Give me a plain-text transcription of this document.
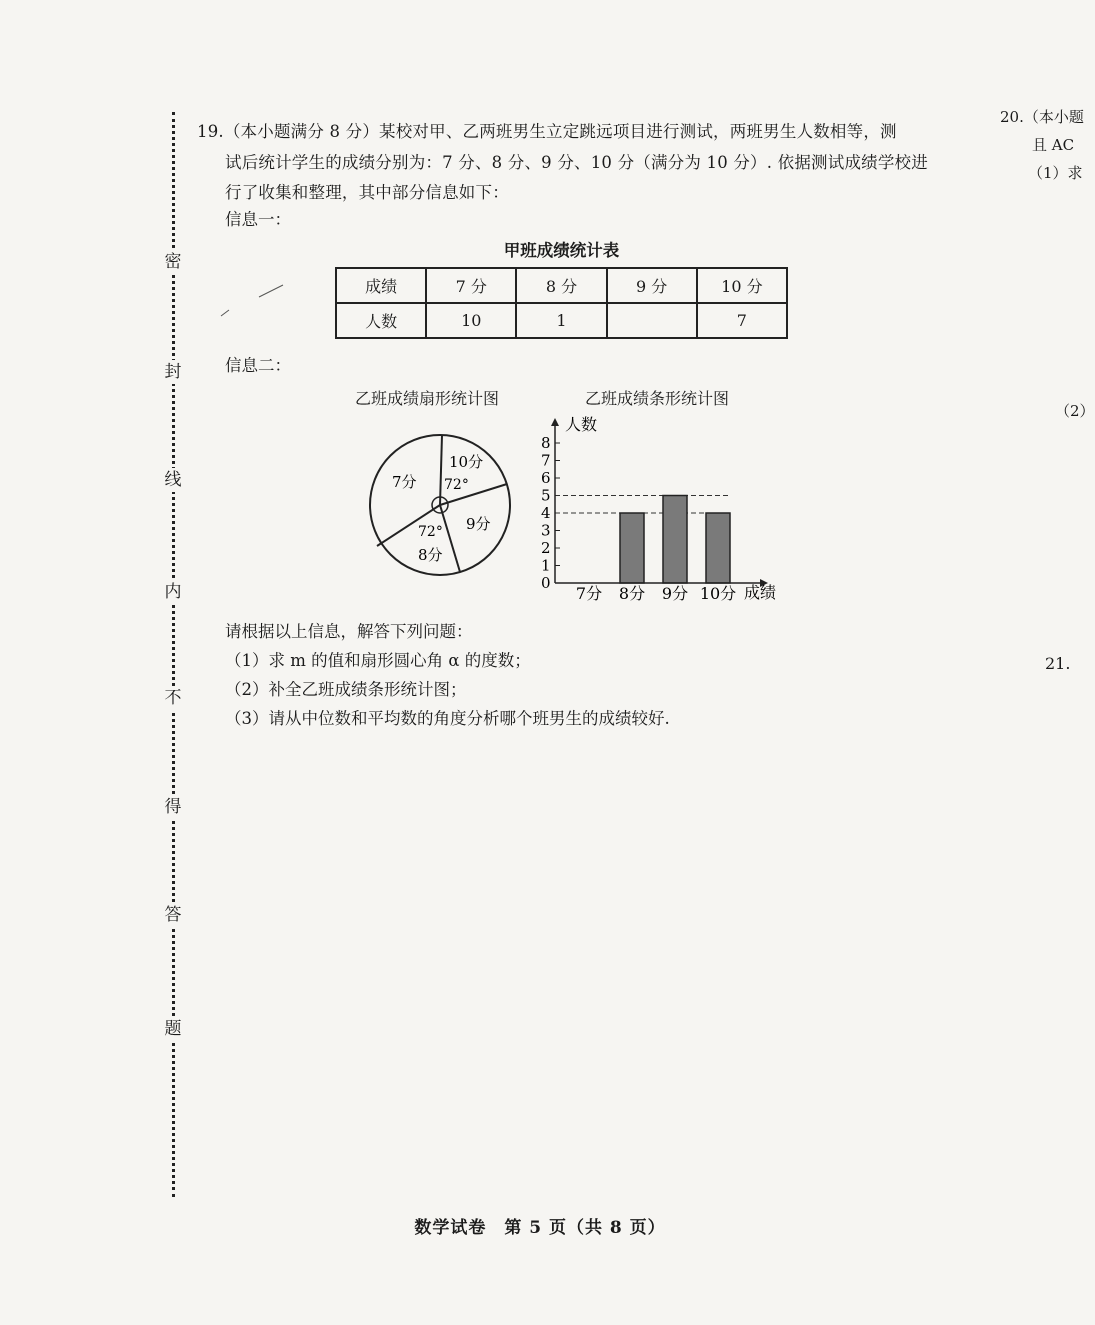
密
封
线
内
不
得
答
题
19.（本小题满分 8 分）某校对甲、乙两班男生立定跳远项目进行测试，两班男生人数相等，测
试后统计学生的成绩分别为：7 分、8 分、9 分、10 分（满分为 10 分）. 依据测试成绩学校进
行了收集和整理，其中部分信息如下：
信息一：
甲班成绩统计表
成绩	7 分	8 分	9 分	10 分
人数	10	1		7
信息二：
乙班成绩扇形统计图	乙班成绩条形统计图
7分
10分
72°
9分
72°
8分
0
1
2
3
4
5
6
7
8
7分 8分 9分 10分
人数
成绩
请根据以上信息，解答下列问题：
（1）求 m 的值和扇形圆心角 α 的度数；
（2）补全乙班成绩条形统计图；
（3）请从中位数和平均数的角度分析哪个班男生的成绩较好.
20.（本小题
且 AC
（1）求
（2）
21.
数学试卷　第 5 页（共 8 页）
